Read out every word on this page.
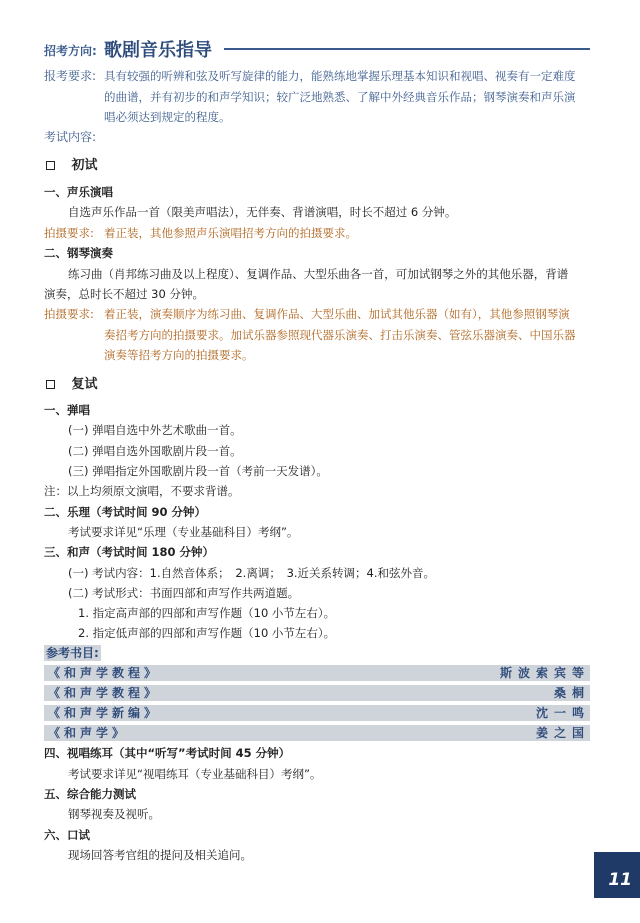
招考方向: 歌剧音乐指导
报考要求: 具有较强的听辨和弦及听写旋律的能力，能熟练地掌握乐理基本知识和视唱、视奏有一定难度
的曲谱，并有初步的和声学知识；较广泛地熟悉、了解中外经典音乐作品；钢琴演奏和声乐演
唱必须达到规定的程度。
考试内容:
初试
一、声乐演唱
自选声乐作品一首（限美声唱法），无伴奏、背谱演唱，时长不超过 6 分钟。
拍摄要求: 着正装，其他参照声乐演唱招考方向的拍摄要求。
二、钢琴演奏
练习曲（肖邦练习曲及以上程度）、复调作品、大型乐曲各一首，可加试钢琴之外的其他乐器，背谱
演奏，总时长不超过 30 分钟。
拍摄要求: 着正装，演奏顺序为练习曲、复调作品、大型乐曲、加试其他乐器（如有），其他参照钢琴演
奏招考方向的拍摄要求。加试乐器参照现代器乐演奏、打击乐演奏、管弦乐器演奏、中国乐器
演奏等招考方向的拍摄要求。
复试
一、弹唱
(一) 弹唱自选中外艺术歌曲一首。
(二) 弹唱自选外国歌剧片段一首。
(三) 弹唱指定外国歌剧片段一首（考前一天发谱）。
注：以上均须原文演唱，不要求背谱。
二、乐理（考试时间 90 分钟）
考试要求详见“乐理（专业基础科目）考纲”。
三、和声（考试时间 180 分钟）
(一) 考试内容：1.自然音体系；　2.离调；　3.近关系转调；4.和弦外音。
(二) 考试形式：书面四部和声写作共两道题。
1. 指定高声部的四部和声写作题（10 小节左右）。
2. 指定低声部的四部和声写作题（10 小节左右）。
参考书目:
《和声学教程》	斯波索宾等
《和声学教程》	桑桐
《和声学新编》	沈一鸣
《和声学》	姜之国
四、视唱练耳（其中“听写”考试时间 45 分钟）
考试要求详见“视唱练耳（专业基础科目）考纲”。
五、综合能力测试
钢琴视奏及视听。
六、口试
现场回答考官组的提问及相关追问。
11
